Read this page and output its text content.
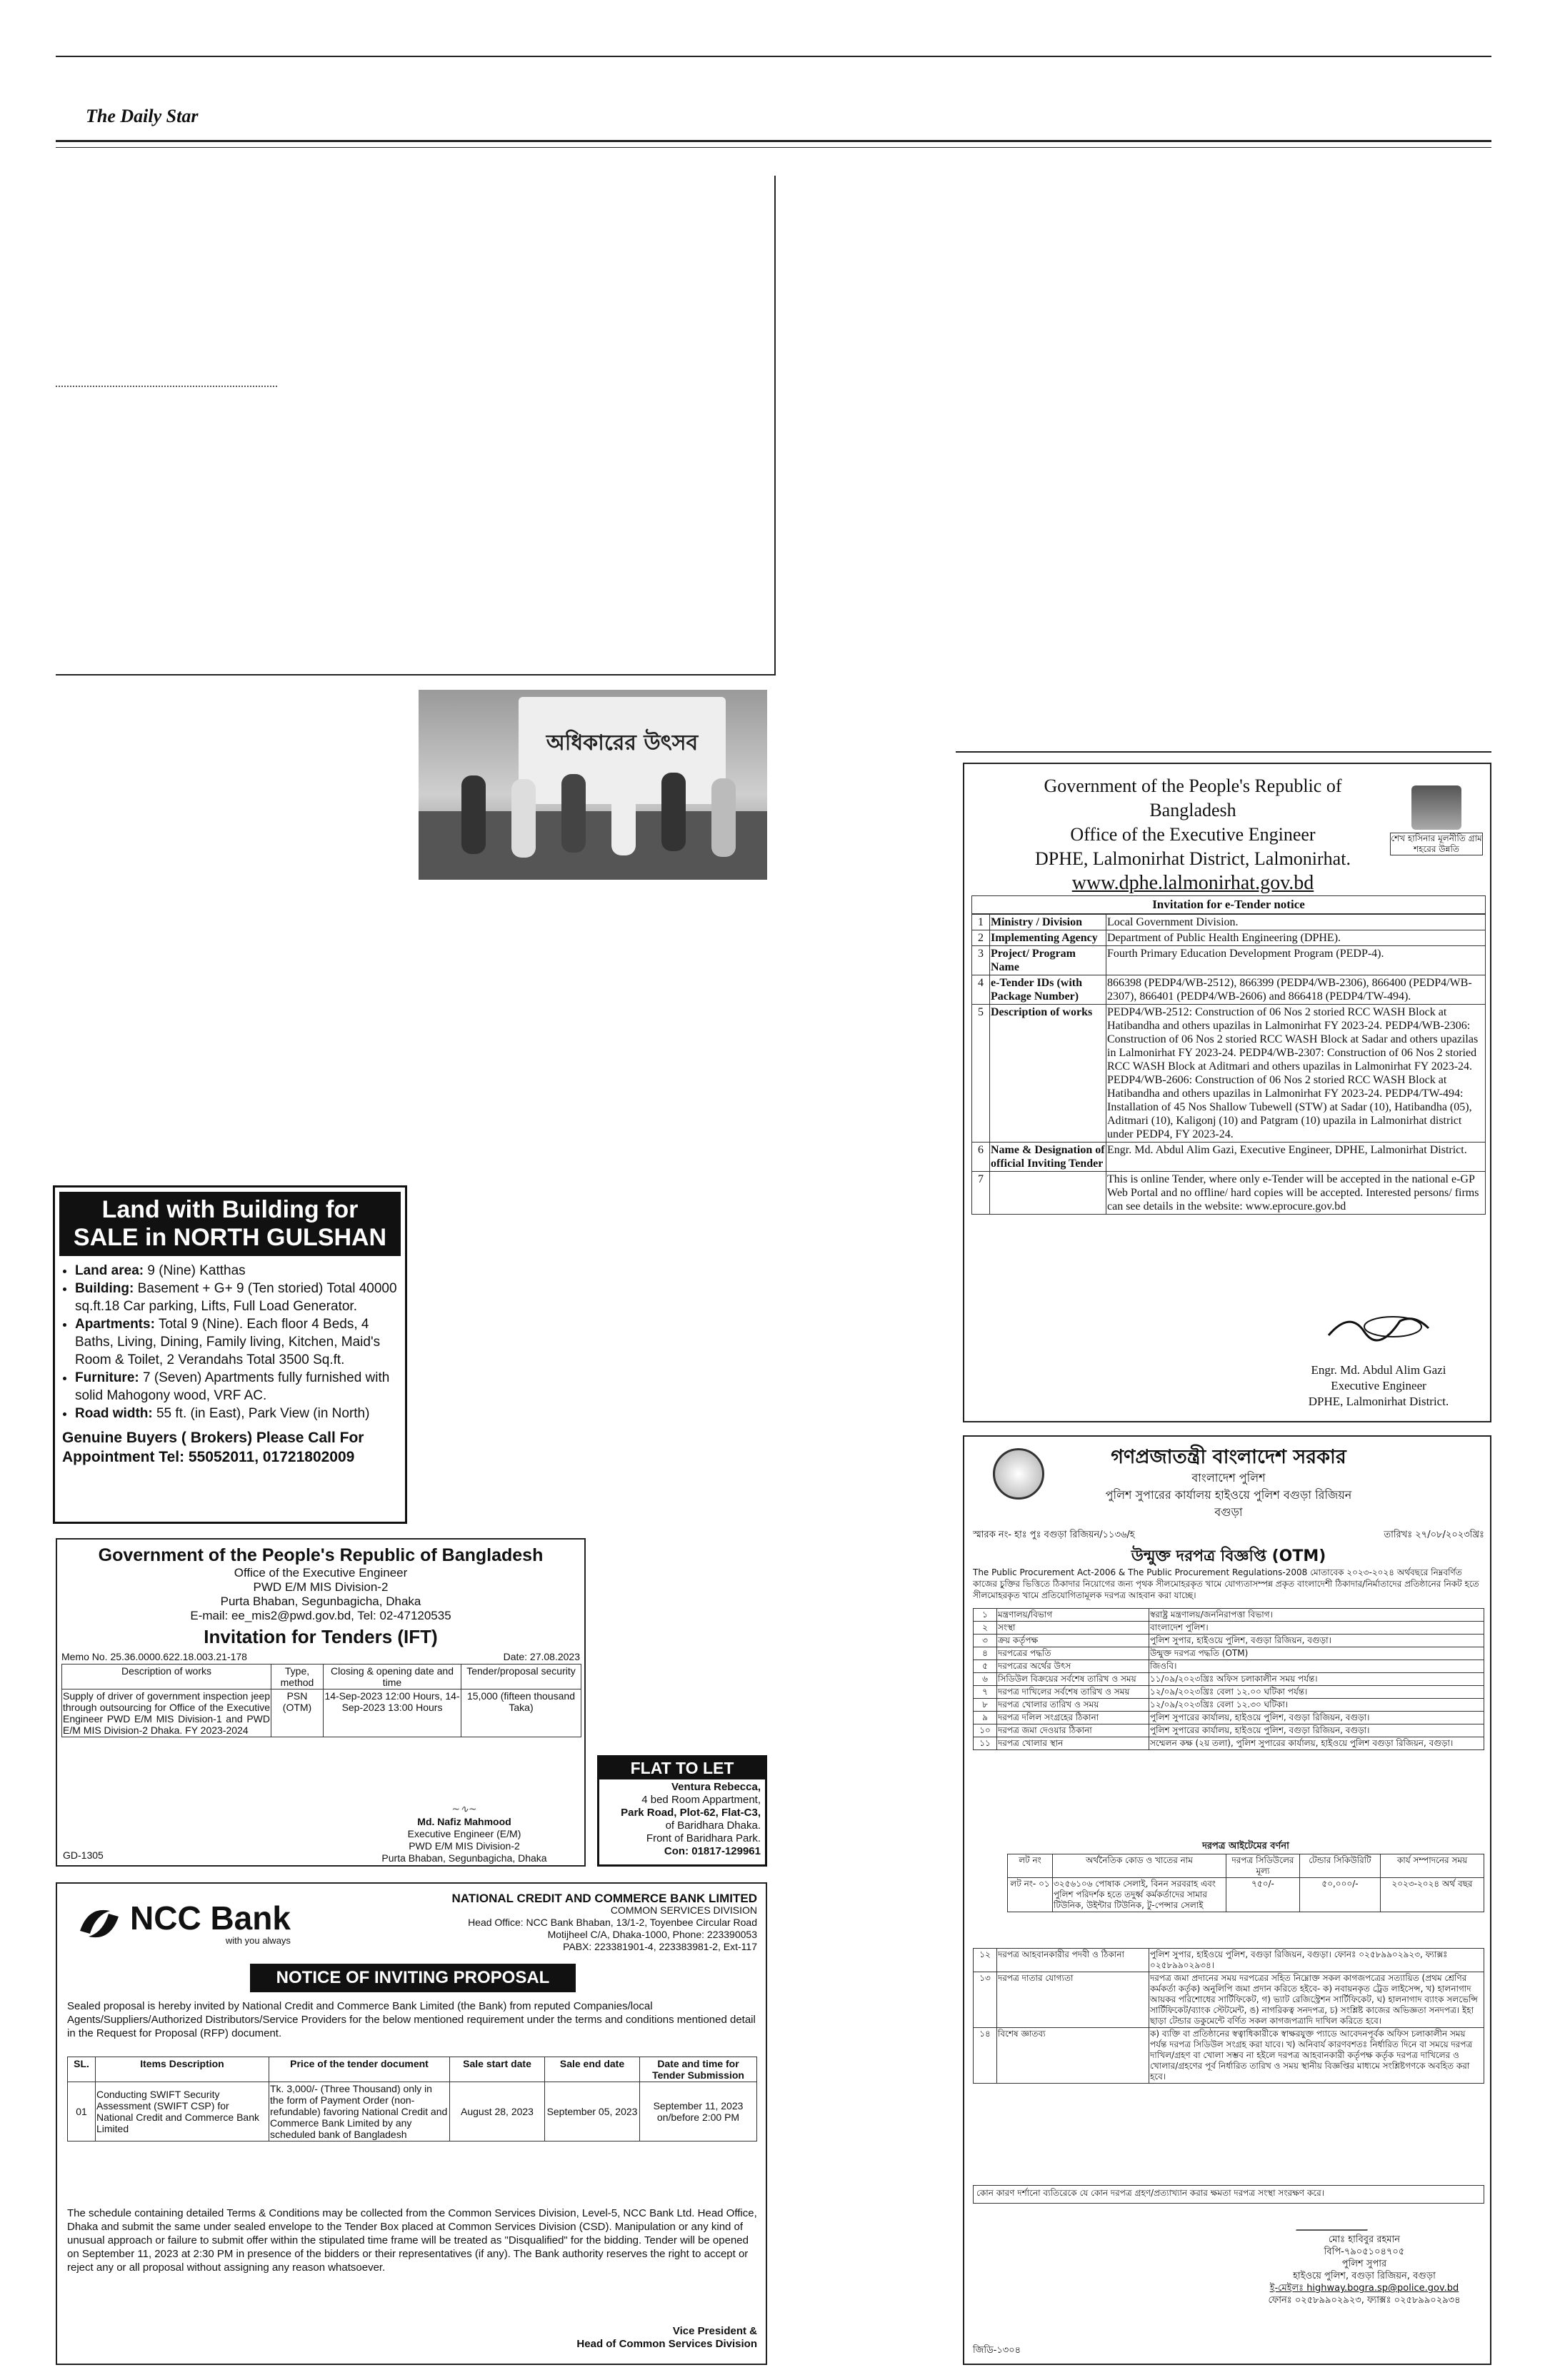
The Daily Star
অধিকারের উৎসব
Land with Building for
SALE in NORTH GULSHAN
• Land area: 9 (Nine) Katthas
• Building: Basement + G+ 9 (Ten storied) Total 40000 sq.ft.18 Car parking, Lifts, Full Load Generator.
• Apartments: Total 9 (Nine). Each floor 4 Beds, 4 Baths, Living, Dining, Family living, Kitchen, Maid's Room & Toilet, 2 Verandahs Total 3500 Sq.ft.
• Furniture: 7 (Seven) Apartments fully furnished with solid Mahogony wood, VRF AC.
• Road width: 55 ft. (in East), Park View (in North)
Genuine Buyers ( Brokers) Please Call For Appointment Tel: 55052011, 01721802009
Government of the People's Republic of Bangladesh
Office of the Executive Engineer
PWD E/M MIS Division-2
Purta Bhaban, Segunbagicha, Dhaka
E-mail: ee_mis2@pwd.gov.bd, Tel: 02-47120535
Invitation for Tenders (IFT)
Memo No. 25.36.0000.622.18.003.21-178	Date: 27.08.2023
Description of works	Type, method	Closing & opening date and time	Tender/proposal security
Supply of driver of government inspection jeep through outsourcing for Office of the Executive Engineer PWD E/M MIS Division-1 and PWD E/M MIS Division-2 Dhaka. FY 2023-2024	PSN (OTM)	14-Sep-2023 12:00 Hours, 14-Sep-2023 13:00 Hours	15,000 (fifteen thousand Taka)
~∿~
Md. Nafiz Mahmood
Executive Engineer (E/M)
PWD E/M MIS Division-2
Purta Bhaban, Segunbagicha, Dhaka
GD-1305
FLAT TO LET
Ventura Rebecca,
4 bed Room Appartment,
Park Road, Plot-62, Flat-C3,
of Baridhara Dhaka.
Front of Baridhara Park.
Con: 01817-129961
NCC Bank
with you always
NATIONAL CREDIT AND COMMERCE BANK LIMITED
COMMON SERVICES DIVISION
Head Office: NCC Bank Bhaban, 13/1-2, Toyenbee Circular Road
Motijheel C/A, Dhaka-1000, Phone: 223390053
PABX: 223381901-4, 223383981-2, Ext-117
NOTICE OF INVITING PROPOSAL
Sealed proposal is hereby invited by National Credit and Commerce Bank Limited (the Bank) from reputed Companies/local Agents/Suppliers/Authorized Distributors/Service Providers for the below mentioned requirement under the terms and conditions mentioned detail in the Request for Proposal (RFP) document.
SL.	Items Description	Price of the tender document	Sale start date	Sale end date	Date and time for Tender Submission
01	Conducting SWIFT Security Assessment (SWIFT CSP) for National Credit and Commerce Bank Limited	Tk. 3,000/- (Three Thousand) only in the form of Payment Order (non-refundable) favoring National Credit and Commerce Bank Limited by any scheduled bank of Bangladesh	August 28, 2023	September 05, 2023	September 11, 2023 on/before 2:00 PM
The schedule containing detailed Terms & Conditions may be collected from the Common Services Division, Level-5, NCC Bank Ltd. Head Office, Dhaka and submit the same under sealed envelope to the Tender Box placed at Common Services Division (CSD). Manipulation or any kind of unusual approach or failure to submit offer within the stipulated time frame will be treated as "Disqualified" for the bidding. Tender will be opened on September 11, 2023 at 2:30 PM in presence of the bidders or their representatives (if any). The Bank authority reserves the right to accept or reject any or all proposal without assigning any reason whatsoever.
Vice President &
Head of Common Services Division
Government of the People's Republic of Bangladesh
Office of the Executive Engineer
DPHE, Lalmonirhat District, Lalmonirhat.
www.dphe.lalmonirhat.gov.bd
শেখ হাসিনার মূলনীতি গ্রাম শহরের উন্নতি
Invitation for e-Tender notice
1	Ministry / Division	Local Government Division.
2	Implementing Agency	Department of Public Health Engineering (DPHE).
3	Project/ Program Name	Fourth Primary Education Development Program (PEDP-4).
4	e-Tender IDs (with Package Number)	866398 (PEDP4/WB-2512), 866399 (PEDP4/WB-2306), 866400 (PEDP4/WB-2307), 866401 (PEDP4/WB-2606) and 866418 (PEDP4/TW-494).
5	Description of works	PEDP4/WB-2512: Construction of 06 Nos 2 storied RCC WASH Block at Hatibandha and others upazilas in Lalmonirhat FY 2023-24. PEDP4/WB-2306: Construction of 06 Nos 2 storied RCC WASH Block at Sadar and others upazilas in Lalmonirhat FY 2023-24. PEDP4/WB-2307: Construction of 06 Nos 2 storied RCC WASH Block at Aditmari and others upazilas in Lalmonirhat FY 2023-24. PEDP4/WB-2606: Construction of 06 Nos 2 storied RCC WASH Block at Hatibandha and others upazilas in Lalmonirhat FY 2023-24. PEDP4/TW-494: Installation of 45 Nos Shallow Tubewell (STW) at Sadar (10), Hatibandha (05), Aditmari (10), Kaligonj (10) and Patgram (10) upazila in Lalmonirhat district under PEDP4, FY 2023-24.
6	Name & Designation of official Inviting Tender	Engr. Md. Abdul Alim Gazi, Executive Engineer, DPHE, Lalmonirhat District.
7		This is online Tender, where only e-Tender will be accepted in the national e-GP Web Portal and no offline/ hard copies will be accepted. Interested persons/ firms can see details in the website: www.eprocure.gov.bd
Engr. Md. Abdul Alim Gazi
Executive Engineer
DPHE, Lalmonirhat District.
গণপ্রজাতন্ত্রী বাংলাদেশ সরকার
বাংলাদেশ পুলিশ
পুলিশ সুপারের কার্যালয় হাইওয়ে পুলিশ বগুড়া রিজিয়ন
বগুড়া
স্মারক নং- হাঃ পুঃ বগুড়া রিজিয়ন/১১৩৬/হ	তারিখঃ ২৭/০৮/২০২৩খ্রিঃ
উন্মুক্ত দরপত্র বিজ্ঞপ্তি (OTM)
The Public Procurement Act-2006 & The Public Procurement Regulations-2008 মোতাবেক ২০২৩-২০২৪ অর্থবছরে নিম্নবর্ণিত কাজের চুক্তির ভিত্তিতে ঠিকাদার নিয়োগের জন্য পৃথক সীলমোহরকৃত খামে যোগ্যতাসম্পন্ন প্রকৃত বাংলাদেশী ঠিকাদার/নির্মাতাদের প্রতিষ্ঠানের নিকট হতে সীলমোহরকৃত খামে প্রতিযোগিতামূলক দরপত্র আহবান করা যাচ্ছে।
১	মন্ত্রণালয়/বিভাগ	স্বরাষ্ট্র মন্ত্রণালয়/জননিরাপত্তা বিভাগ।
২	সংস্থা	বাংলাদেশ পুলিশ।
৩	ক্রয় কর্তৃপক্ষ	পুলিশ সুপার, হাইওয়ে পুলিশ, বগুড়া রিজিয়ন, বগুড়া।
৪	দরপত্রের পদ্ধতি	উন্মুক্ত দরপত্র পদ্ধতি (OTM)
৫	দরপত্রের অর্থের উৎস	জিওবি।
৬	সিডিউল বিক্রয়ের সর্বশেষ তারিখ ও সময়	১১/০৯/২০২৩খ্রিঃ অফিস চলাকালীন সময় পর্যন্ত।
৭	দরপত্র দাখিলের সর্বশেষ তারিখ ও সময়	১২/০৯/২০২৩খ্রিঃ বেলা ১২.০০ ঘটিকা পর্যন্ত।
৮	দরপত্র খোলার তারিখ ও সময়	১২/০৯/২০২৩খ্রিঃ বেলা ১২.৩০ ঘটিকা।
৯	দরপত্র দলিল সংগ্রহের ঠিকানা	পুলিশ সুপারের কার্যালয়, হাইওয়ে পুলিশ, বগুড়া রিজিয়ন, বগুড়া।
১০	দরপত্র জমা দেওয়ার ঠিকানা	পুলিশ সুপারের কার্যালয়, হাইওয়ে পুলিশ, বগুড়া রিজিয়ন, বগুড়া।
১১	দরপত্র খোলার স্থান	সম্মেলন কক্ষ (২য় তলা), পুলিশ সুপারের কার্যালয়, হাইওয়ে পুলিশ বগুড়া রিজিয়ন, বগুড়া।
দরপত্র আইটেমের বর্ণনা
লট নং	অর্থনৈতিক কোড ও খাতের নাম	দরপত্র সিডিউলের মূল্য	টেন্ডার সিকিউরিটি	কার্য সম্পাদনের সময়
লট নং- ০১	৩২৫৬১০৬ পোষাক সেলাই, বিনন সরবরাহ এবং পুলিশ পরিদর্শক হতে তদুর্ধ্ব কর্মকর্তাদের সামার টিউনিক, উইন্টার টিউনিক, টু-পেন্সার সেলাই	৭৫০/-	৫০,০০০/-	২০২৩-২০২৪ অর্থ বছর
১২	দরপত্র আহবানকারীর পদবী ও ঠিকানা	পুলিশ সুপার, হাইওয়ে পুলিশ, বগুড়া রিজিয়ন, বগুড়া। ফোনঃ ০২৫৮৯৯০২৯২৩, ফ্যাক্সঃ ০২৫৮৯৯০২৯৩৪।
১৩	দরপত্র দাতার যোগ্যতা	দরপত্র জমা প্রদানের সময় দরপত্রের সহিত নিম্নোক্ত সকল কাগজপত্রের সত্যায়িত (প্রথম শ্রেণির কর্মকর্তা কর্তৃক) অনুলিপি জমা প্রদান করিতে হইবে- ক) নবায়নকৃত ট্রেড লাইসেন্স, খ) হালনাগাদ আয়কর পরিশোধের সার্টিফিকেট, গ) ভ্যাট রেজিস্ট্রেশন সার্টিফিকেট, ঘ) হালনাগাদ ব্যাংক সলভেন্সি সার্টিফিকেট/ব্যাংক স্টেটমেন্ট, ঙ) নাগরিকত্ব সনদপত্র, চ) সংশ্লিষ্ট কাজের অভিজ্ঞতা সনদপত্র। ইহা ছাড়া টেন্ডার ডকুমেন্টে বর্ণিত সকল কাগজপত্রাদি দাখিল করিতে হবে।
১৪	বিশেষ জ্ঞাতব্য	ক) ব্যক্তি বা প্রতিষ্ঠানের স্বত্বাধিকারীকে স্বাক্ষরযুক্ত প্যাডে আবেদনপূর্বক অফিস চলাকালীন সময় পর্যন্ত দরপত্র সিডিউল সংগ্রহ করা যাবে। খ) অনিবার্য কারণবশতঃ নির্ধারিত দিনে বা সময়ে দরপত্র দাখিল/গ্রহণ বা খোলা সম্ভব না হইলে দরপত্র আহবানকারী কর্তৃপক্ষ কর্তৃক দরপত্র দাখিলের ও খোলার/গ্রহণের পূর্ব নির্ধারিত তারিখ ও সময় স্থানীয় বিজ্ঞপ্তির মাধ্যমে সংশ্লিষ্টগণকে অবহিত করা হবে।
কোন কারণ দর্শানো ব্যতিরেকে যে কোন দরপত্র গ্রহণ/প্রত্যাখ্যান করার ক্ষমতা দরপত্র সংস্থা সংরক্ষণ করে।
মোঃ হাবিবুর রহমান
বিপি-৭৯০৫১০৪৭০৫
পুলিশ সুপার
হাইওয়ে পুলিশ, বগুড়া রিজিয়ন, বগুড়া
ই-মেইলঃ highway.bogra.sp@police.gov.bd
ফোনঃ ০২৫৮৯৯০২৯২৩, ফ্যাক্সঃ ০২৫৮৯৯০২৯৩৪
জিডি-১৩০৪
